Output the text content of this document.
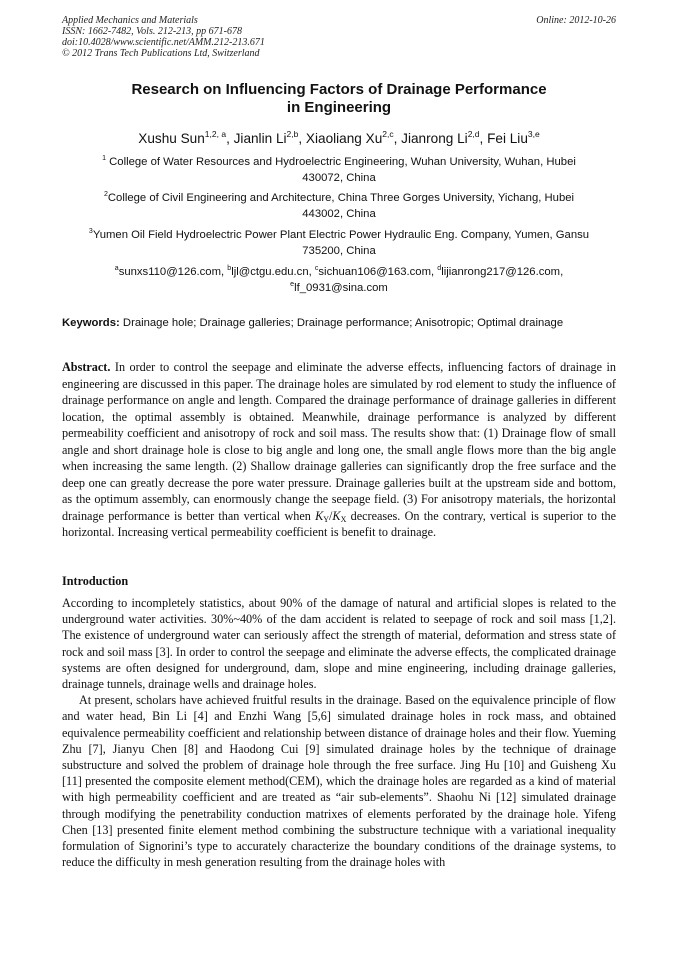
Applied Mechanics and Materials
ISSN: 1662-7482, Vols. 212-213, pp 671-678
doi:10.4028/www.scientific.net/AMM.212-213.671
© 2012 Trans Tech Publications Ltd, Switzerland
Online: 2012-10-26
Research on Influencing Factors of Drainage Performance
in Engineering
Xushu Sun$^{1,2, a}$, Jianlin Li$^{2,b}$, Xiaoliang Xu$^{2,c}$, Jianrong Li$^{2,d}$, Fei Liu$^{3,e}$
$^1$ College of Water Resources and Hydroelectric Engineering, Wuhan University, Wuhan, Hubei
430072, China
$^2$College of Civil Engineering and Architecture, China Three Gorges University, Yichang, Hubei
443002, China
$^3$Yumen Oil Field Hydroelectric Power Plant Electric Power Hydraulic Eng. Company, Yumen, Gansu
735200, China
$^a$sunxs110@126.com, $^b$ljl@ctgu.edu.cn, $^c$sichuan106@163.com, $^d$lijianrong217@126.com,
$^e$lf_0931@sina.com
Keywords: Drainage hole; Drainage galleries; Drainage performance; Anisotropic; Optimal drainage
Abstract. In order to control the seepage and eliminate the adverse effects, influencing factors of drainage in engineering are discussed in this paper. The drainage holes are simulated by rod element to study the influence of drainage performance on angle and length. Compared the drainage performance of drainage galleries in different location, the optimal assembly is obtained. Meanwhile, drainage performance is analyzed by different permeability coefficient and anisotropy of rock and soil mass. The results show that: (1) Drainage flow of small angle and short drainage hole is close to big angle and long one, the small angle flows more than the big angle when increasing the same length. (2) Shallow drainage galleries can significantly drop the free surface and the deep one can greatly decrease the pore water pressure. Drainage galleries built at the upstream side and bottom, as the optimum assembly, can enormously change the seepage field. (3) For anisotropy materials, the horizontal drainage performance is better than vertical when $K_Y/K_X$ decreases. On the contrary, vertical is superior to the horizontal. Increasing vertical permeability coefficient is benefit to drainage.
Introduction

According to incompletely statistics, about 90% of the damage of natural and artificial slopes is related to the underground water activities. 30%~40% of the dam accident is related to seepage of rock and soil mass [1,2]. The existence of underground water can seriously affect the strength of material, deformation and stress state of rock and soil mass [3]. In order to control the seepage and eliminate the adverse effects, the complicated drainage systems are often designed for underground, dam, slope and mine engineering, including drainage galleries, drainage tunnels, drainage wells and drainage holes.

At present, scholars have achieved fruitful results in the drainage. Based on the equivalence principle of flow and water head, Bin Li [4] and Enzhi Wang [5,6] simulated drainage holes in rock mass, and obtained equivalence permeability coefficient and relationship between distance of drainage holes and their flow. Yueming Zhu [7], Jianyu Chen [8] and Haodong Cui [9] simulated drainage holes by the technique of drainage substructure and solved the problem of drainage hole through the free surface. Jing Hu [10] and Guisheng Xu [11] presented the composite element method(CEM), which the drainage holes are regarded as a kind of material with high permeability coefficient and are treated as “air sub-elements”. Shaohu Ni [12] simulated drainage through modifying the penetrability conduction matrixes of elements perforated by the drainage hole. Yifeng Chen [13] presented finite element method combining the substructure technique with a variational inequality formulation of Signorini’s type to accurately characterize the boundary conditions of the drainage systems, to reduce the difficulty in mesh generation resulting from the drainage holes with
